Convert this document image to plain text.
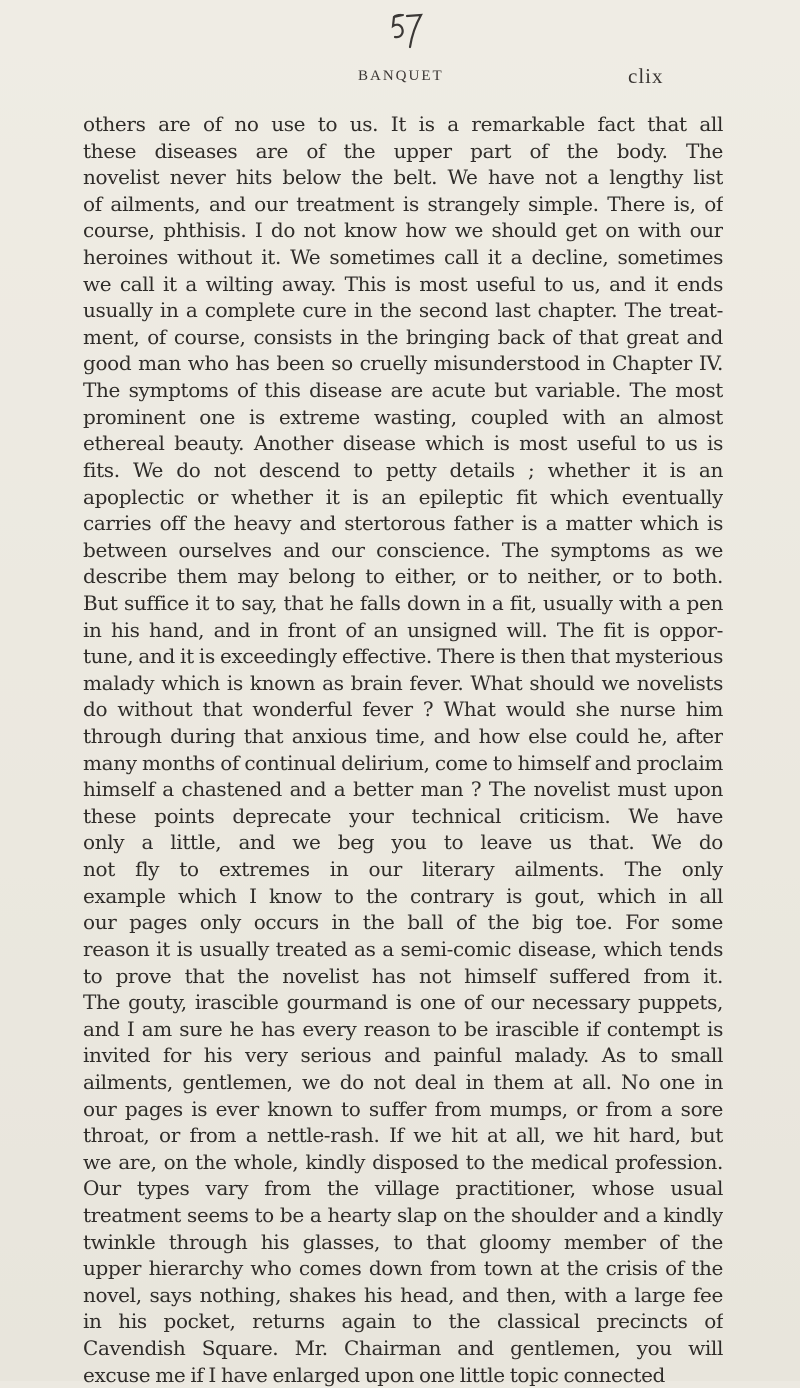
BANQUET	clix
others are of no use to us. It is a remarkable fact that all
these diseases are of the upper part of the body. The
novelist never hits below the belt. We have not a lengthy list
of ailments, and our treatment is strangely simple. There is, of
course, phthisis. I do not know how we should get on with our
heroines without it. We sometimes call it a decline, sometimes
we call it a wilting away. This is most useful to us, and it ends
usually in a complete cure in the second last chapter. The treat-
ment, of course, consists in the bringing back of that great and
good man who has been so cruelly misunderstood in Chapter IV.
The symptoms of this disease are acute but variable. The most
prominent one is extreme wasting, coupled with an almost
ethereal beauty. Another disease which is most useful to us is
fits. We do not descend to petty details ; whether it is an
apoplectic or whether it is an epileptic fit which eventually
carries off the heavy and stertorous father is a matter which is
between ourselves and our conscience. The symptoms as we
describe them may belong to either, or to neither, or to both.
But suffice it to say, that he falls down in a fit, usually with a pen
in his hand, and in front of an unsigned will. The fit is oppor-
tune, and it is exceedingly effective. There is then that mysterious
malady which is known as brain fever. What should we novelists
do without that wonderful fever ? What would she nurse him
through during that anxious time, and how else could he, after
many months of continual delirium, come to himself and proclaim
himself a chastened and a better man ? The novelist must upon
these points deprecate your technical criticism. We have
only a little, and we beg you to leave us that. We do
not fly to extremes in our literary ailments. The only
example which I know to the contrary is gout, which in all
our pages only occurs in the ball of the big toe. For some
reason it is usually treated as a semi-comic disease, which tends
to prove that the novelist has not himself suffered from it.
The gouty, irascible gourmand is one of our necessary puppets,
and I am sure he has every reason to be irascible if contempt is
invited for his very serious and painful malady. As to small
ailments, gentlemen, we do not deal in them at all. No one in
our pages is ever known to suffer from mumps, or from a sore
throat, or from a nettle-rash. If we hit at all, we hit hard, but
we are, on the whole, kindly disposed to the medical profession.
Our types vary from the village practitioner, whose usual
treatment seems to be a hearty slap on the shoulder and a kindly
twinkle through his glasses, to that gloomy member of the
upper hierarchy who comes down from town at the crisis of the
novel, says nothing, shakes his head, and then, with a large fee
in his pocket, returns again to the classical precincts of
Cavendish Square. Mr. Chairman and gentlemen, you will
excuse me if I have enlarged upon one little topic connected
